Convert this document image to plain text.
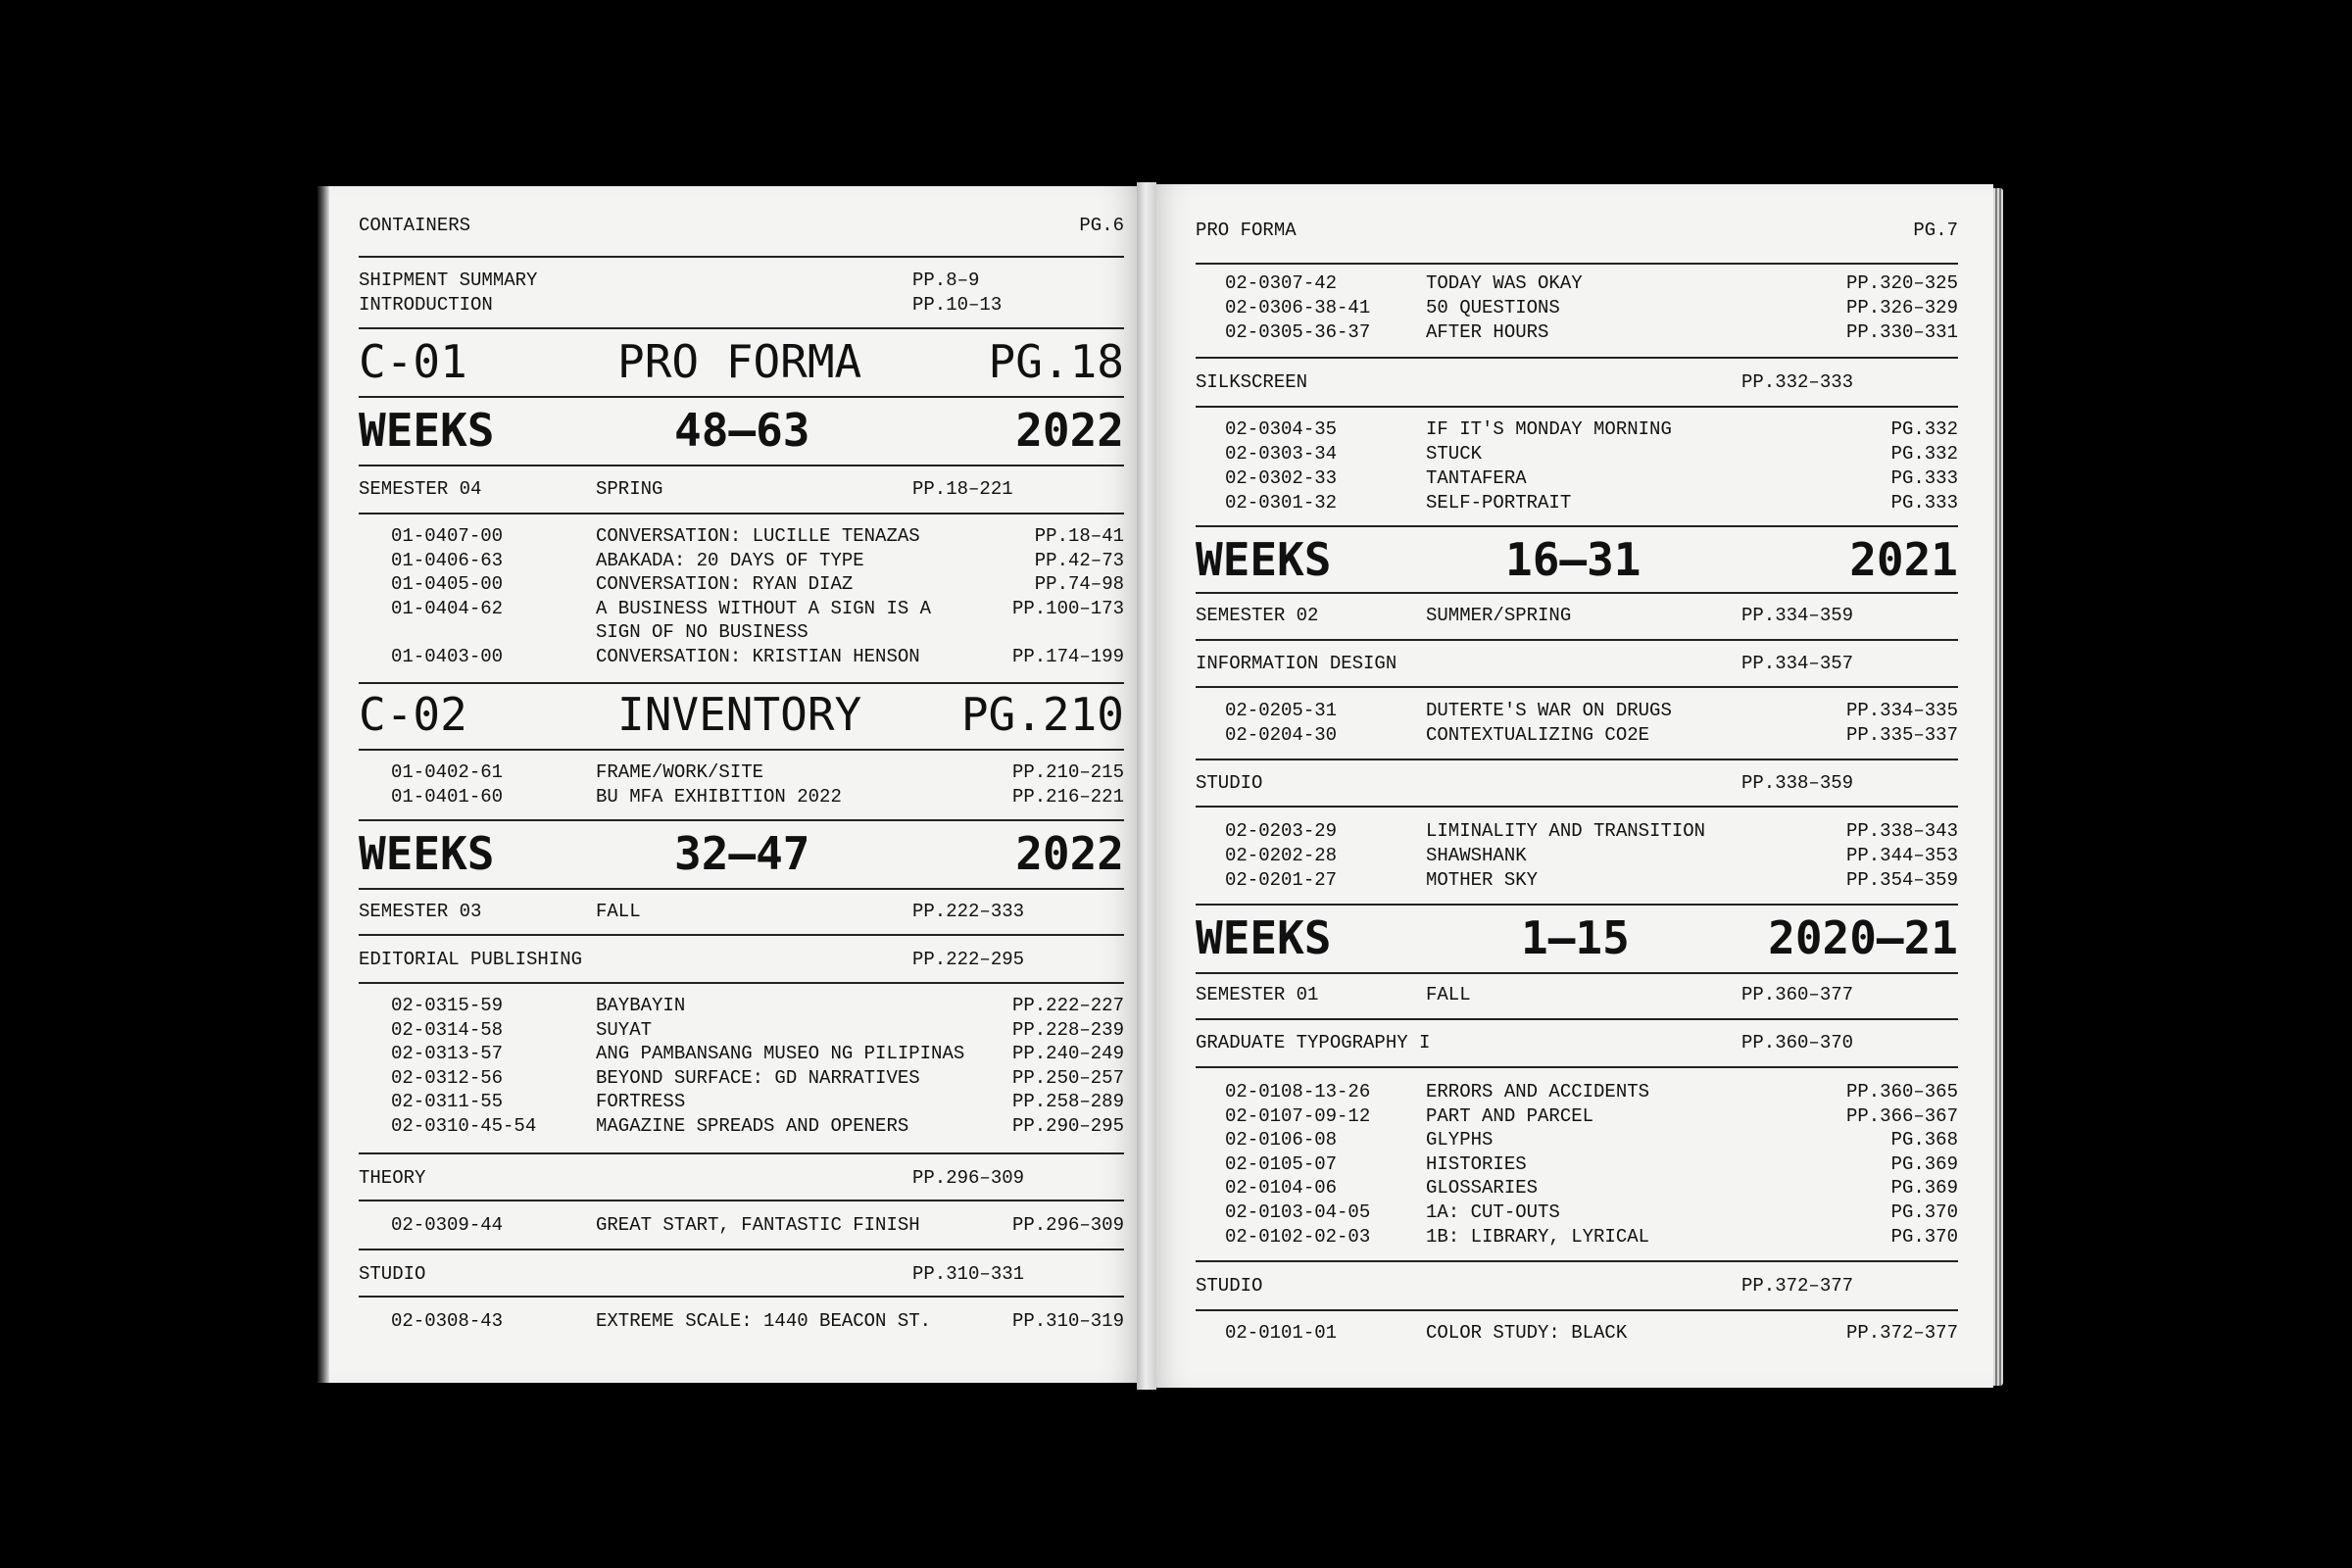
CONTAINERS	PG.6
SHIPMENT SUMMARY	PP.8–9
INTRODUCTION	PP.10–13
C-01	PRO FORMA	PG.18
WEEKS	48–63	2022
SEMESTER 04	SPRING	PP.18–221
01-0407-00	CONVERSATION: LUCILLE TENAZAS	PP.18–41
01-0406-63	ABAKADA: 20 DAYS OF TYPE	PP.42–73
01-0405-00	CONVERSATION: RYAN DIAZ	PP.74–98
01-0404-62	A BUSINESS WITHOUT A SIGN IS A	PP.100–173
SIGN OF NO BUSINESS
01-0403-00	CONVERSATION: KRISTIAN HENSON	PP.174–199
C-02	INVENTORY PG.210
01-0402-61	FRAME/WORK/SITE	PP.210–215
01-0401-60	BU MFA EXHIBITION 2022	PP.216–221
WEEKS	32–47	2022
SEMESTER 03	FALL	PP.222–333
EDITORIAL PUBLISHING	PP.222–295
02-0315-59	BAYBAYIN	PP.222–227
02-0314-58	SUYAT	PP.228–239
02-0313-57	ANG PAMBANSANG MUSEO NG PILIPINAS	PP.240–249
02-0312-56	BEYOND SURFACE: GD NARRATIVES	PP.250–257
02-0311-55	FORTRESS	PP.258–289
02-0310-45-54	MAGAZINE SPREADS AND OPENERS	PP.290–295
THEORY	PP.296–309
02-0309-44	GREAT START, FANTASTIC FINISH	PP.296–309
STUDIO	PP.310–331
02-0308-43	EXTREME SCALE: 1440 BEACON ST.	PP.310–319
PRO FORMA	PG.7
02-0307-42	TODAY WAS OKAY	PP.320–325
02-0306-38-41	50 QUESTIONS	PP.326–329
02-0305-36-37	AFTER HOURS	PP.330–331
SILKSCREEN	PP.332–333
02-0304-35	IF IT'S MONDAY MORNING	PG.332
02-0303-34	STUCK	PG.332
02-0302-33	TANTAFERA	PG.333
02-0301-32	SELF-PORTRAIT	PG.333
WEEKS	16–31	2021
SEMESTER 02	SUMMER/SPRING	PP.334–359
INFORMATION DESIGN	PP.334–357
02-0205-31	DUTERTE'S WAR ON DRUGS	PP.334–335
02-0204-30	CONTEXTUALIZING CO2E	PP.335–337
STUDIO	PP.338–359
02-0203-29	LIMINALITY AND TRANSITION	PP.338–343
02-0202-28	SHAWSHANK	PP.344–353
02-0201-27	MOTHER SKY	PP.354–359
WEEKS	1–15	2020–21
SEMESTER 01	FALL	PP.360–377
GRADUATE TYPOGRAPHY I	PP.360–370
02-0108-13-26	ERRORS AND ACCIDENTS	PP.360–365
02-0107-09-12	PART AND PARCEL	PP.366–367
02-0106-08	GLYPHS	PG.368
02-0105-07	HISTORIES	PG.369
02-0104-06	GLOSSARIES	PG.369
02-0103-04-05	1A: CUT-OUTS	PG.370
02-0102-02-03	1B: LIBRARY, LYRICAL	PG.370
STUDIO	PP.372–377
02-0101-01	COLOR STUDY: BLACK	PP.372–377
